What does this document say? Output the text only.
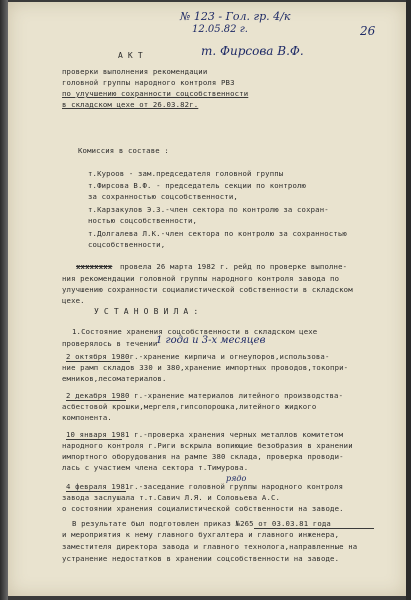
№ 123 - Гол. гр. 4/к
12.05.82 г.	26
А К Т	т. Фирсова В.Ф.
проверки выполнения рекомендации
головной группы народного контроля РВЗ
по улучшению сохранности соцсобственности
в складском цехе от 26.03.82г.
Комиссия в составе :
т.Куроов - зам.председателя головной группы
т.Фирсова В.Ф. - председатель секции по контролю
за сохранностью соцсобственности,
т.Карзакулов Э.З.-член сектора по контролю за сохран-
ностью соцсобственности,
т.Долгалева Л.К.-член сектора по контролю за сохранностью
соцсобственности,
хххххххх провела 26 марта 1982 г. рейд по проверке выполне-
ния рекомендации головной группы народного контроля завода по
улучшению сохранности социалистической собственности в складском
цехе.
У С Т А Н О В И Л А :
1.Состояние хранения соцсобственности в складском цехе
проверялось в течении
1 года и 3-х месяцев
2 октября 1980г.-хранение кирпича и огнеупоров,использова-
ние рамп складов 330 и 380,хранение импортных проводов,токопри-
емников,лесоматериалов.
2 декабря 1980 г.-хранение материалов литейного производства-
асбестовой крошки,мергеля,гипсопорошка,литейного жидкого
компонента.
10 января 1981 г.-проверка хранения черных металлов комитетом
народного контроля г.Риги вскрыла вопиющие безобразия в хранении
импортного оборудования на рампе 380 склада, проверка проводи-
лась с участием члена сектора т.Тимурова.
рядо
4 февраля 1981г.-заседание головной группы народного контроля
завода заслушала т.т.Савич Л.Я. и Соловьева А.С.
о состоянии хранения социалистической собственности на заводе.
В результате был подготовлен приказ №265 от 03.03.81 года
и мероприятия к нему главного бухгалтера и главного инженера,
заместителя директора завода и главного технолога,направленные на
устранение недостатков в хранении соцсобственности на заводе.
